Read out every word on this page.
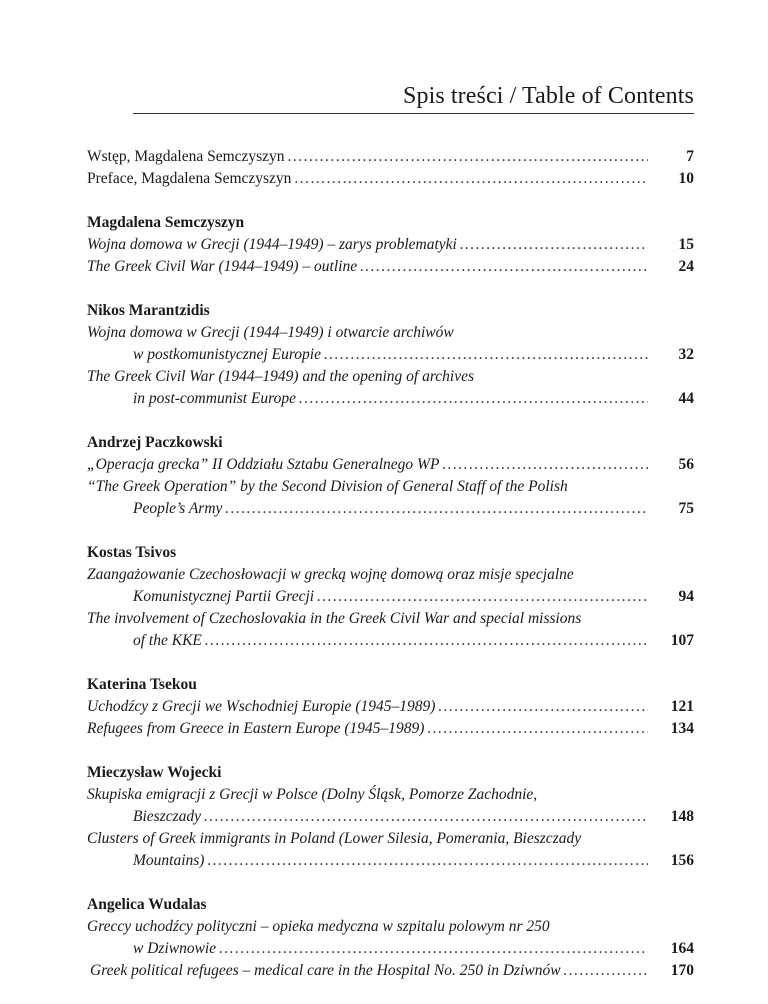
Spis treści / Table of Contents
Wstęp, Magdalena Semczyszyn . . .	7
Preface, Magdalena Semczyszyn . . .	10
Magdalena Semczyszyn
Wojna domowa w Grecji (1944–1949) – zarys problematyki . . .	15
The Greek Civil War (1944–1949) – outline . . .	24
Nikos Marantzidis
Wojna domowa w Grecji (1944–1949) i otwarcie archiwów
w postkomunistycznej Europie . . .	32
The Greek Civil War (1944–1949) and the opening of archives
in post-communist Europe . . .	44
Andrzej Paczkowski
„Operacja grecka” II Oddziału Sztabu Generalnego WP . . .	56
“The Greek Operation” by the Second Division of General Staff of the Polish
People’s Army . . .	75
Kostas Tsivos
Zaangażowanie Czechosłowacji w grecką wojnę domową oraz misje specjalne
Komunistycznej Partii Grecji . . .	94
The involvement of Czechoslovakia in the Greek Civil War and special missions
of the KKE . . .	107
Katerina Tsekou
Uchodźcy z Grecji we Wschodniej Europie (1945–1989) . . .	121
Refugees from Greece in Eastern Europe (1945–1989) . . .	134
Mieczysław Wojecki
Skupiska emigracji z Grecji w Polsce (Dolny Śląsk, Pomorze Zachodnie,
Bieszczady . . .	148
Clusters of Greek immigrants in Poland (Lower Silesia, Pomerania, Bieszczady
Mountains) . . .	156
Angelica Wudalas
Greccy uchodźcy polityczni – opieka medyczna w szpitalu polowym nr 250
w Dziwnowie . . .	164
Greek political refugees – medical care in the Hospital No. 250 in Dziwnów . . .	170
